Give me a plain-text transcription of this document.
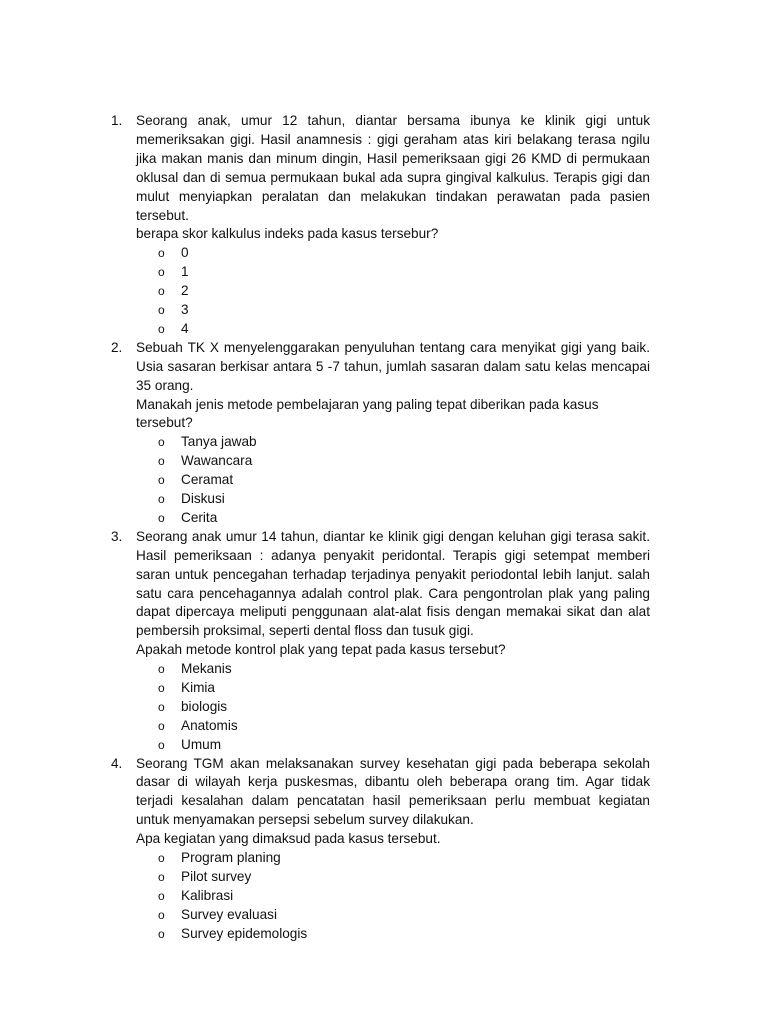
1.	Seorang anak, umur 12 tahun, diantar bersama ibunya ke klinik gigi untuk memeriksakan gigi. Hasil anamnesis : gigi geraham atas kiri belakang terasa ngilu jika makan manis dan minum dingin, Hasil pemeriksaan gigi 26 KMD di permukaan oklusal dan di semua permukaan bukal ada supra gingival kalkulus. Terapis gigi dan mulut menyiapkan peralatan dan melakukan tindakan perawatan pada pasien tersebut.
berapa skor kalkulus indeks pada kasus tersebur?
o 0
o 1
o 2
o 3
o 4
2.	Sebuah TK X menyelenggarakan penyuluhan tentang cara menyikat gigi yang baik. Usia sasaran berkisar antara 5 -7 tahun, jumlah sasaran dalam satu kelas mencapai 35 orang.
Manakah jenis metode pembelajaran yang paling tepat diberikan pada kasus tersebut?
o Tanya jawab
o Wawancara
o Ceramat
o Diskusi
o Cerita
3.	Seorang anak umur 14 tahun, diantar ke klinik gigi dengan keluhan gigi terasa sakit. Hasil pemeriksaan : adanya penyakit peridontal. Terapis gigi setempat memberi saran untuk pencegahan terhadap terjadinya penyakit periodontal lebih lanjut. salah satu cara pencehagannya adalah control plak. Cara pengontrolan plak yang paling dapat dipercaya meliputi penggunaan alat-alat fisis dengan memakai sikat dan alat pembersih proksimal, seperti dental floss dan tusuk gigi.
Apakah metode kontrol plak yang tepat pada kasus tersebut?
o Mekanis
o Kimia
o biologis
o Anatomis
o Umum
4.	Seorang TGM akan melaksanakan survey kesehatan gigi pada beberapa sekolah dasar di wilayah kerja puskesmas, dibantu oleh beberapa orang tim. Agar tidak terjadi kesalahan dalam pencatatan hasil pemeriksaan perlu membuat kegiatan untuk menyamakan persepsi sebelum survey dilakukan.
Apa kegiatan yang dimaksud pada kasus tersebut.
o Program planing
o Pilot survey
o Kalibrasi
o Survey evaluasi
o Survey epidemologis
